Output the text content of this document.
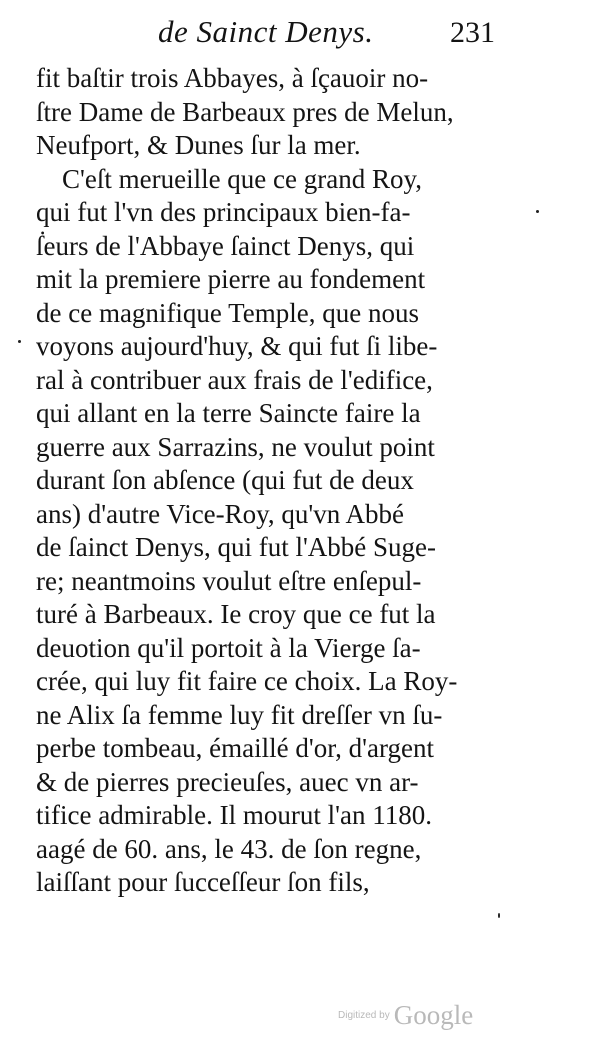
de Sainct Denys.	231
fit baſtir trois Abbayes, à ſçauoir no-
ſtre Dame de Barbeaux pres de Melun,
Neufport, & Dunes ſur la mer.
C'eſt merueille que ce grand Roy,
qui fut l'vn des principaux bien-fa-
ẛeurs de l'Abbaye ſainct Denys, qui
mit la premiere pierre au fondement
de ce magnifique Temple, que nous
voyons aujourd'huy, & qui fut ſi libe-
ral à contribuer aux frais de l'edifice,
qui allant en la terre Saincte faire la
guerre aux Sarrazins, ne voulut point
durant ſon abſence (qui fut de deux
ans) d'autre Vice-Roy, qu'vn Abbé
de ſainct Denys, qui fut l'Abbé Suge-
re; neantmoins voulut eſtre enſepul-
turé à Barbeaux. Ie croy que ce fut la
deuotion qu'il portoit à la Vierge ſa-
crée, qui luy fit faire ce choix. La Roy-
ne Alix ſa femme luy fit dreſſer vn ſu-
perbe tombeau, émaillé d'or, d'argent
& de pierres precieuſes, auec vn ar-
tifice admirable. Il mourut l'an 1180.
aagé de 60. ans, le 43. de ſon regne,
laiſſant pour ſucceſſeur ſon fils,
Digitized by Google
